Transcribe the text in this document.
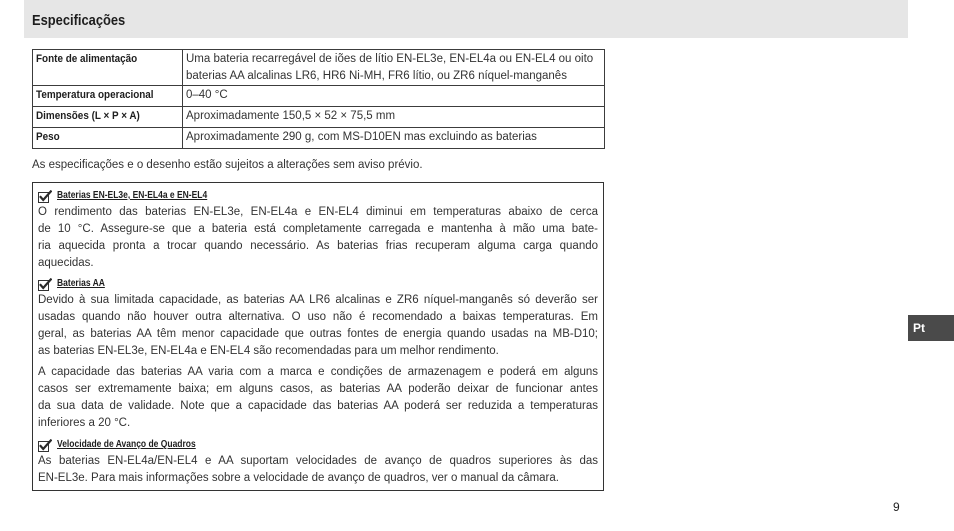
Especificações
Fonte de alimentação	Uma bateria recarregável de iões de lítio EN-EL3e, EN-EL4a ou EN-EL4 ou oito
baterias AA alcalinas LR6, HR6 Ni-MH, FR6 lítio, ou ZR6 níquel-manganês

Temperatura operacional	0–40 °C

Dimensões (L × P × A)	Aproximadamente 150,5 × 52 × 75,5 mm

Peso	Aproximadamente 290 g, com MS-D10EN mas excluindo as baterias
As especificações e o desenho estão sujeitos a alterações sem aviso prévio.
Baterias EN-EL3e, EN-EL4a e EN-EL4
O rendimento das baterias EN-EL3e, EN-EL4a e EN-EL4 diminui em temperaturas abaixo de cerca
de 10 °C. Assegure-se que a bateria está completamente carregada e mantenha à mão uma bate-
ria aquecida pronta a trocar quando necessário. As baterias frias recuperam alguma carga quando
aquecidas.
Baterias AA
Devido à sua limitada capacidade, as baterias AA LR6 alcalinas e ZR6 níquel-manganês só deverão ser
usadas quando não houver outra alternativa. O uso não é recomendado a baixas temperaturas. Em
geral, as baterias AA têm menor capacidade que outras fontes de energia quando usadas na MB-D10;
as baterias EN-EL3e, EN-EL4a e EN-EL4 são recomendadas para um melhor rendimento.
A capacidade das baterias AA varia com a marca e condições de armazenagem e poderá em alguns
casos ser extremamente baixa; em alguns casos, as baterias AA poderão deixar de funcionar antes
da sua data de validade. Note que a capacidade das baterias AA poderá ser reduzida a temperaturas
inferiores a 20 °C.
Velocidade de Avanço de Quadros
As baterias EN-EL4a/EN-EL4 e AA suportam velocidades de avanço de quadros superiores às das
EN-EL3e. Para mais informações sobre a velocidade de avanço de quadros, ver o manual da câmara.
Pt
9
